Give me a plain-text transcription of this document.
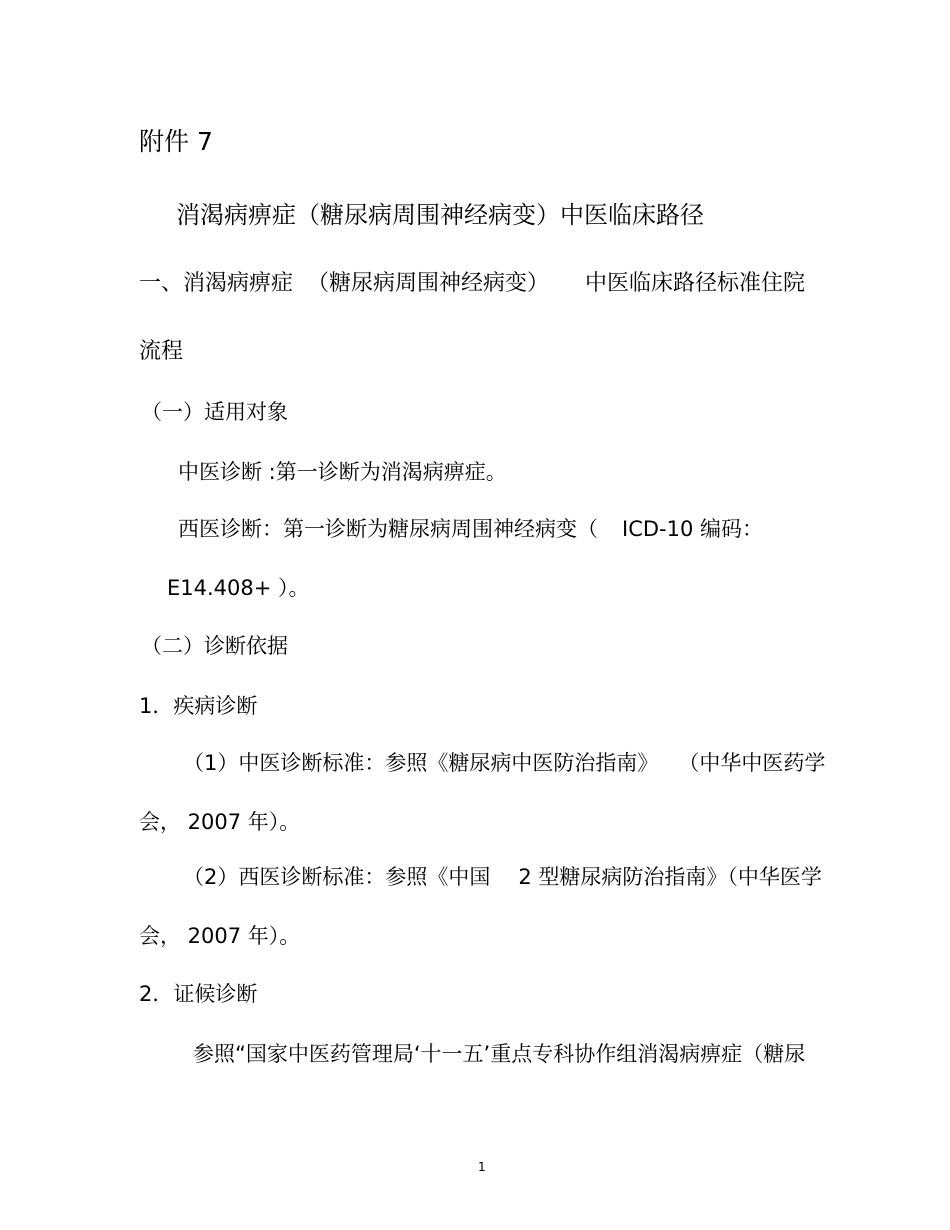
附件 7
消渴病痹症（糖尿病周围神经病变）中医临床路径
一、消渴病痹症 （糖尿病周围神经病变） 中医临床路径标准住院
流程
（一）适用对象
中医诊断 :第一诊断为消渴病痹症。
西医诊断：第一诊断为糖尿病周围神经病变（ ICD-10 编码：
E14.408+ ）。
（二）诊断依据
1．疾病诊断
（1）中医诊断标准：参照《糖尿病中医防治指南》 （中华中医药学
会， 2007 年）。
（2）西医诊断标准：参照《中国 2 型糖尿病防治指南》（中华医学
会， 2007 年）。
2．证候诊断
参照“国家中医药管理局‘十一五’重点专科协作组消渴病痹症（糖尿
1
